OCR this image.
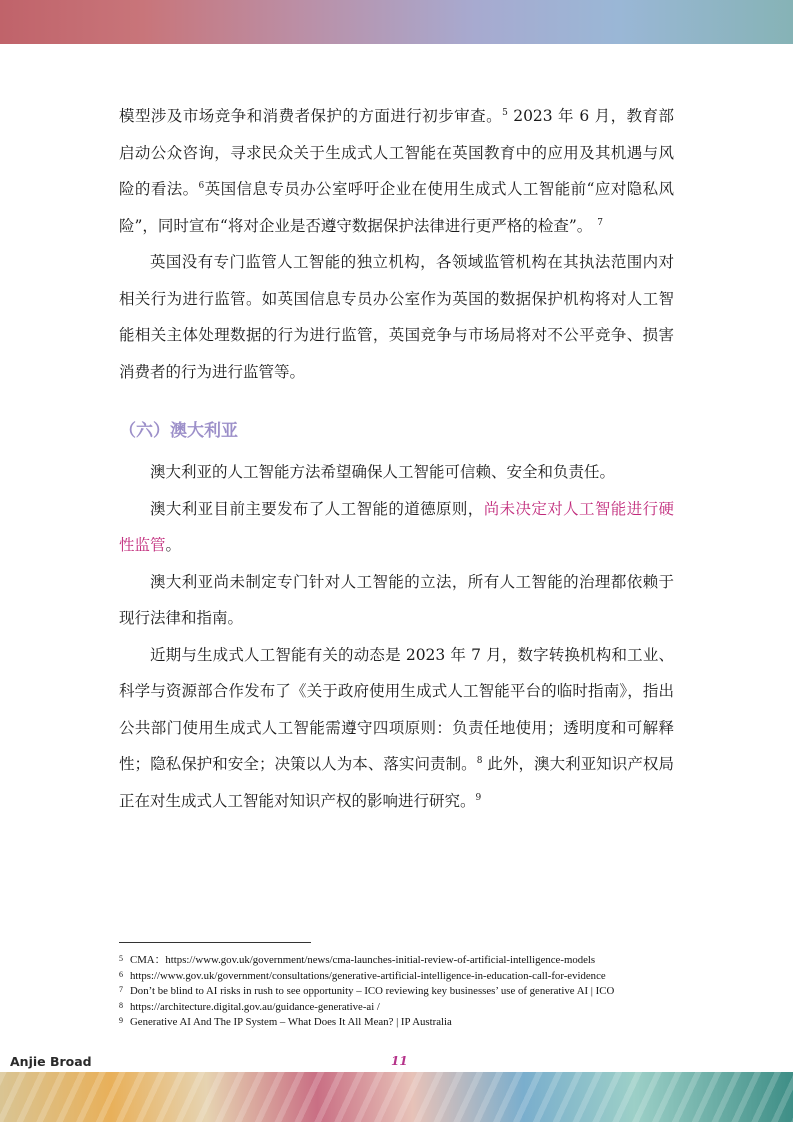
模型涉及市场竞争和消费者保护的方面进行初步审查。$^5$ 2023 年 6 月，教育部启动公众咨询，寻求民众关于生成式人工智能在英国教育中的应用及其机遇与风险的看法。$^6$英国信息专员办公室呼吁企业在使用生成式人工智能前“应对隐私风险”，同时宣布“将对企业是否遵守数据保护法律进行更严格的检查”。 $^7$

英国没有专门监管人工智能的独立机构，各领域监管机构在其执法范围内对相关行为进行监管。如英国信息专员办公室作为英国的数据保护机构将对人工智能相关主体处理数据的行为进行监管，英国竞争与市场局将对不公平竞争、损害消费者的行为进行监管等。

（六）澳大利亚

澳大利亚的人工智能方法希望确保人工智能可信赖、安全和负责任。

澳大利亚目前主要发布了人工智能的道德原则，尚未决定对人工智能进行硬性监管。

澳大利亚尚未制定专门针对人工智能的立法，所有人工智能的治理都依赖于现行法律和指南。

近期与生成式人工智能有关的动态是 2023 年 7 月，数字转换机构和工业、科学与资源部合作发布了《关于政府使用生成式人工智能平台的临时指南》，指出公共部门使用生成式人工智能需遵守四项原则：负责任地使用；透明度和可解释性；隐私保护和安全；决策以人为本、落实问责制。$^8$ 此外，澳大利亚知识产权局正在对生成式人工智能对知识产权的影响进行研究。$^9$

5 CMA：https://www.gov.uk/government/news/cma-launches-initial-review-of-artificial-intelligence-models
6 https://www.gov.uk/government/consultations/generative-artificial-intelligence-in-education-call-for-evidence
7 Don’t be blind to AI risks in rush to see opportunity – ICO reviewing key businesses’ use of generative AI | ICO
8 https://architecture.digital.gov.au/guidance-generative-ai /
9 Generative AI And The IP System – What Does It All Mean? | IP Australia
Anjie Broad	11
